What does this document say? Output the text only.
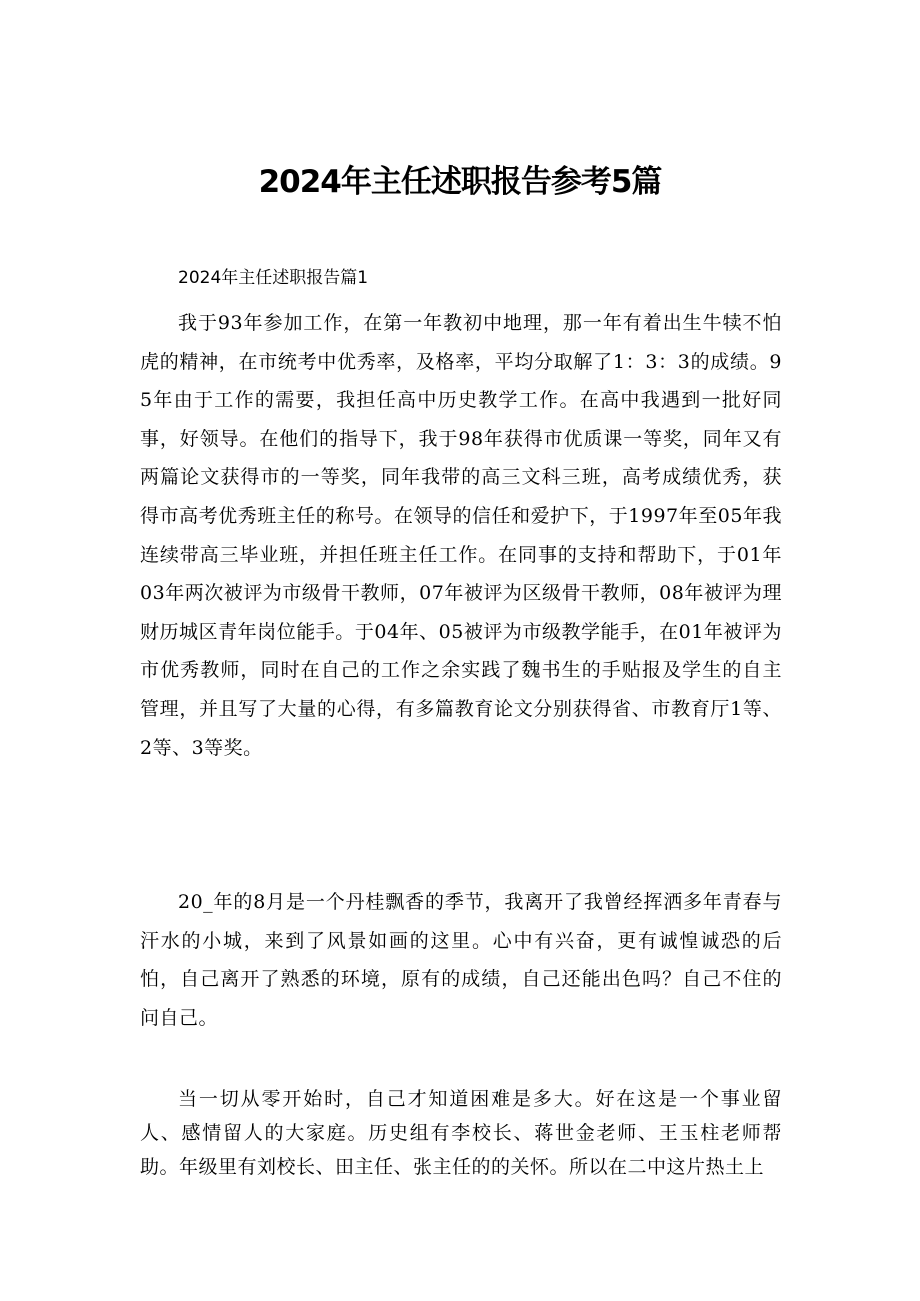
2024年主任述职报告参考5篇

2024年主任述职报告篇1

我于93年参加工作，在第一年教初中地理，那一年有着出生牛犊不怕虎的精神，在市统考中优秀率，及格率，平均分取解了1：3：3的成绩。95年由于工作的需要，我担任高中历史教学工作。在高中我遇到一批好同事，好领导。在他们的指导下，我于98年获得市优质课一等奖，同年又有两篇论文获得市的一等奖，同年我带的高三文科三班，高考成绩优秀，获得市高考优秀班主任的称号。在领导的信任和爱护下，于1997年至05年我连续带高三毕业班，并担任班主任工作。在同事的支持和帮助下，于01年03年两次被评为市级骨干教师，07年被评为区级骨干教师，08年被评为理财历城区青年岗位能手。于04年、05被评为市级教学能手，在01年被评为市优秀教师，同时在自己的工作之余实践了魏书生的手贴报及学生的自主管理，并且写了大量的心得，有多篇教育论文分别获得省、市教育厅1等、2等、3等奖。

20_年的8月是一个丹桂飘香的季节，我离开了我曾经挥洒多年青春与汗水的小城，来到了风景如画的这里。心中有兴奋，更有诚惶诚恐的后怕，自己离开了熟悉的环境，原有的成绩，自己还能出色吗？自己不住的问自己。

当一切从零开始时，自己才知道困难是多大。好在这是一个事业留人、感情留人的大家庭。历史组有李校长、蒋世金老师、王玉柱老师帮助。年级里有刘校长、田主任、张主任的的关怀。所以在二中这片热土上
